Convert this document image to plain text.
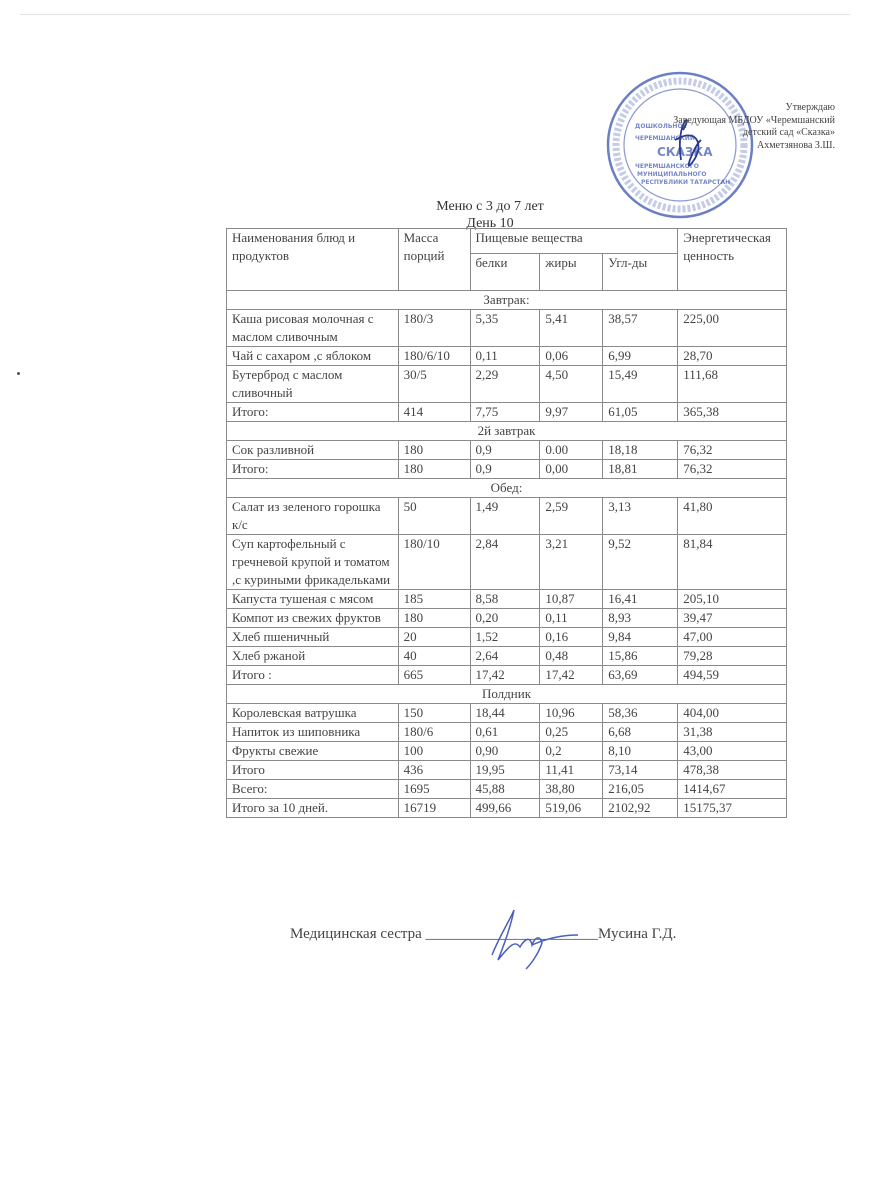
ДОШКОЛЬНОЕ
ЧЕРЕМШАНСКИЙ
СКАЗКА
ЧЕРЕМШАНСКОГО
МУНИЦИПАЛЬНОГО
РЕСПУБЛИКИ ТАТАРСТАН
Утверждаю
Заведующая МБДОУ «Черемшанский
детский сад «Сказка»
Ахметзянова З.Ш.
Меню с 3 до 7 лет
День 10
Наименования блюд и продуктов	Масса порций	Пищевые вещества			Энергетическая ценность
		белки	жиры	Угл-ды	
Завтрак:					
Каша рисовая молочная с маслом сливочным	180/3	5,35	5,41	38,57	225,00
Чай с сахаром ,с яблоком	180/6/10	0,11	0,06	6,99	28,70
Бутерброд с маслом сливочный	30/5	2,29	4,50	15,49	111,68
Итого:	414	7,75	9,97	61,05	365,38
2й завтрак					
Сок разливной	180	0,9	0.00	18,18	76,32
Итого:	180	0,9	0,00	18,81	76,32
Обед:					
Салат из зеленого горошка к/с	50	1,49	2,59	3,13	41,80
Суп картофельный с гречневой крупой и томатом ,с куриными фрикадельками	180/10	2,84	3,21	9,52	81,84
Капуста тушеная с мясом	185	8,58	10,87	16,41	205,10
Компот из свежих фруктов	180	0,20	0,11	8,93	39,47
Хлеб пшеничный	20	1,52	0,16	9,84	47,00
Хлеб ржаной	40	2,64	0,48	15,86	79,28
Итого :	665	17,42	17,42	63,69	494,59
Полдник					
Королевская ватрушка	150	18,44	10,96	58,36	404,00
Напиток из шиповника	180/6	0,61	0,25	6,68	31,38
Фрукты свежие	100	0,90	0,2	8,10	43,00
Итого	436	19,95	11,41	73,14	478,38
Всего:	1695	45,88	38,80	216,05	1414,67
Итого за 10 дней.	16719	499,66	519,06	2102,92	15175,37
Медицинская сестра _______________________Мусина Г.Д.
